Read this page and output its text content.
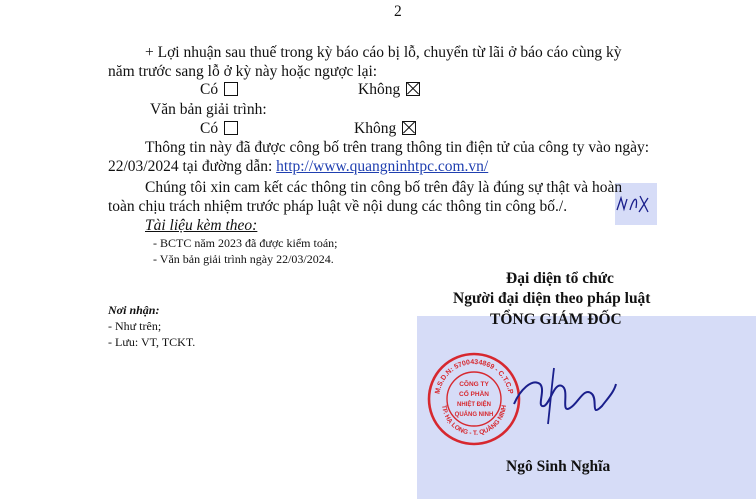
2
+ Lợi nhuận sau thuế trong kỳ báo cáo bị lỗ, chuyển từ lãi ở báo cáo cùng kỳ
năm trước sang lỗ ở kỳ này hoặc ngược lại:
Có	Không
Văn bản giải trình:
Có	Không
Thông tin này đã được công bố trên trang thông tin điện tử của công ty vào ngày:
22/03/2024 tại đường dẫn: http://www.quangninhtpc.com.vn/
Chúng tôi xin cam kết các thông tin công bố trên đây là đúng sự thật và hoàn
toàn chịu trách nhiệm trước pháp luật về nội dung các thông tin công bố./.
Tài liệu kèm theo:
- BCTC năm 2023 đã được kiểm toán;
- Văn bản giải trình ngày 22/03/2024.
Đại diện tổ chức
Người đại diện theo pháp luật
TỔNG GIÁM ĐỐC
Nơi nhận:
- Như trên;
- Lưu: VT, TCKT.
M.S.D.N: 5700434869 - C.T.C.P
TP. HẠ LONG - T. QUẢNG NINH
CÔNG TY
CỔ PHẦN
NHIỆT ĐIỆN
QUẢNG NINH
Ngô Sinh Nghĩa
